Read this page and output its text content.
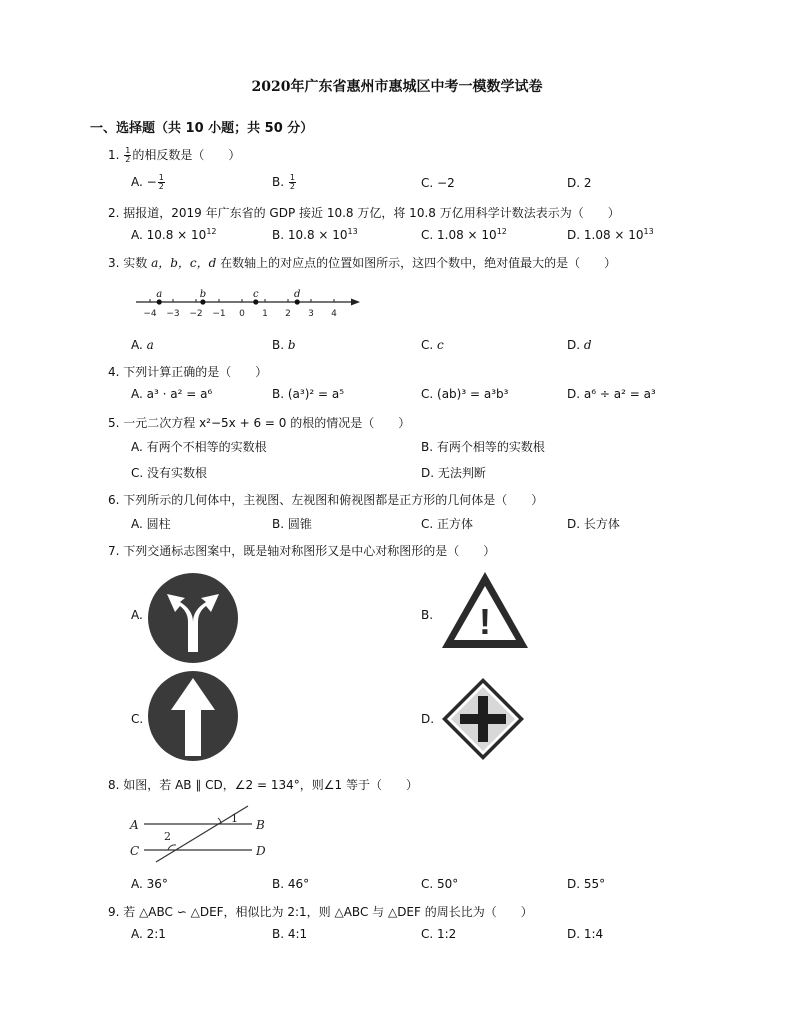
2020年广东省惠州市惠城区中考一模数学试卷
一、选择题（共 10 小题；共 50 分）
1. $\frac{1}{2}$ 的相反数是（　　）
A. − $\frac{1}{2}$	B. $\frac{1}{2}$	C. −2	D. 2
2. 据报道，2019 年广东省的 GDP 接近 10.8 万亿，将 10.8 万亿用科学计数法表示为（　　）
A. $10.8 \times 10^{12}$	B. $10.8 \times 10^{13}$	C. $1.08 \times 10^{12}$	D. $1.08 \times 10^{13}$
3. 实数 a，b，c，d 在数轴上的对应点的位置如图所示，这四个数中，绝对值最大的是（　　）
−4 −3 −2 −1 0 1 2 3 4
a	b	c	d
A. a	B. b	C. c	D. d
4. 下列计算正确的是（　　）
A. a³ · a² = a⁶	B. (a³)² = a⁵	C. (ab)³ = a³b³	D. a⁶ ÷ a² = a³
5. 一元二次方程 x²−5x + 6 = 0 的根的情况是（　　）
A. 有两个不相等的实数根	B. 有两个相等的实数根
C. 没有实数根	D. 无法判断
6. 下列所示的几何体中，主视图、左视图和俯视图都是正方形的几何体是（　　）
A. 圆柱	B. 圆锥	C. 正方体	D. 长方体
7. 下列交通标志图案中，既是轴对称图形又是中心对称图形的是（　　）
A.	B. !
C.	D.
8. 如图，若 AB ∥ CD，∠2 = 134°，则∠1 等于（　　）
A	B
C	D
1
2
A. 36°	B. 46°	C. 50°	D. 55°
9. 若 △ABC ∽ △DEF，相似比为 2:1，则 △ABC 与 △DEF 的周长比为（　　）
A. 2:1	B. 4:1	C. 1:2	D. 1:4
